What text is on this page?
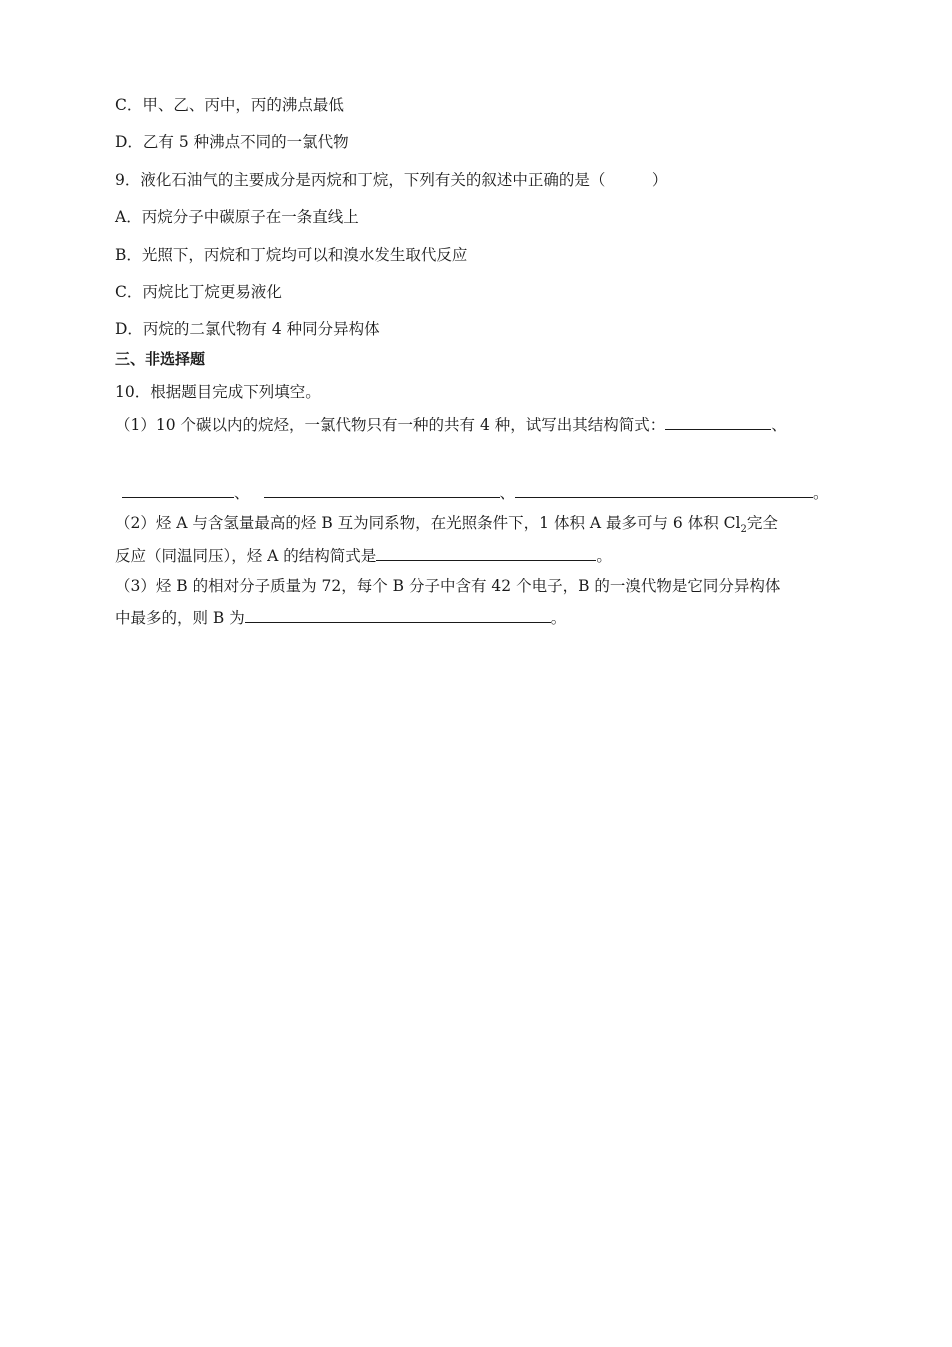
C．甲、乙、丙中，丙的沸点最低
D．乙有 5 种沸点不同的一氯代物
9．液化石油气的主要成分是丙烷和丁烷，下列有关的叙述中正确的是（　　　）
A．丙烷分子中碳原子在一条直线上
B．光照下，丙烷和丁烷均可以和溴水发生取代反应
C．丙烷比丁烷更易液化
D．丙烷的二氯代物有 4 种同分异构体
三、非选择题
10．根据题目完成下列填空。
（1）10 个碳以内的烷烃，一氯代物只有一种的共有 4 种，试写出其结构简式：	、
、	、	。
（2）烃 A 与含氢量最高的烃 B 互为同系物，在光照条件下，1 体积 A 最多可与 6 体积 $Cl_2$完全
反应（同温同压），烃 A 的结构简式是	。
（3）烃 B 的相对分子质量为 72，每个 B 分子中含有 42 个电子，B 的一溴代物是它同分异构体
中最多的，则 B 为	。
